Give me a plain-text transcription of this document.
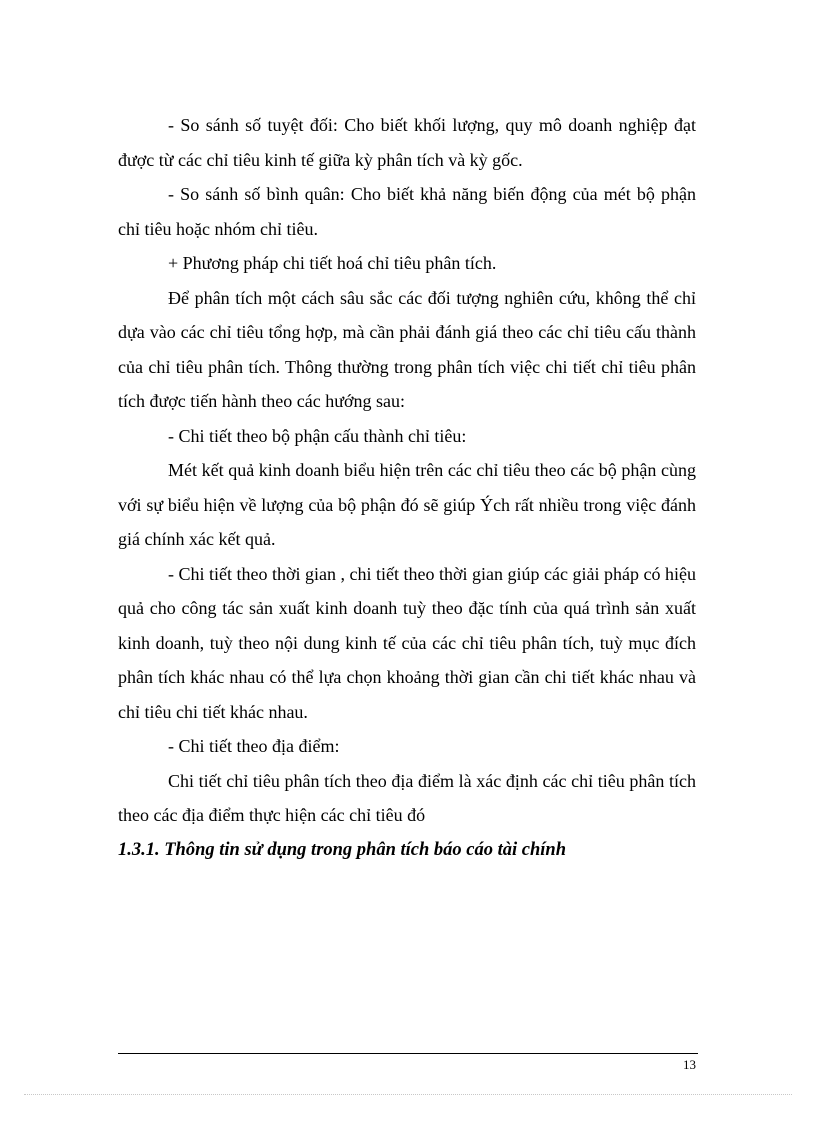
- So sánh số tuyệt đối: Cho biết khối lượng, quy mô doanh nghiệp đạt được từ các chỉ tiêu kinh tế giữa kỳ phân tích và kỳ gốc.

- So sánh số bình quân: Cho biết khả năng biến động của mét bộ phận chỉ tiêu hoặc nhóm chỉ tiêu.

+ Phương pháp chi tiết hoá chỉ tiêu phân tích.

Để phân tích một cách sâu sắc các đối tượng nghiên cứu, không thể chỉ dựa vào các chỉ tiêu tổng hợp, mà cần phải đánh giá theo các chỉ tiêu cấu thành của chỉ tiêu phân tích. Thông thường trong phân tích việc chi tiết chỉ tiêu phân tích được tiến hành theo các hướng sau:

- Chi tiết theo bộ phận cấu thành chỉ tiêu:

Mét kết quả kinh doanh biểu hiện trên các chỉ tiêu theo các bộ phận cùng với sự biểu hiện về lượng của bộ phận đó sẽ giúp Ých rất nhiều trong việc đánh giá chính xác kết quả.

- Chi tiết theo thời gian , chi tiết theo thời gian giúp các giải pháp có hiệu quả cho công tác sản xuất kinh doanh tuỳ theo đặc tính của quá trình sản xuất kinh doanh, tuỳ theo nội dung kinh tế của các chỉ tiêu phân tích, tuỳ mục đích phân tích khác nhau có thể lựa chọn khoảng thời gian cần chi tiết khác nhau và chỉ tiêu chi tiết khác nhau.

- Chi tiết theo địa điểm:

Chi tiết chỉ tiêu phân tích theo địa điểm là xác định các chỉ tiêu phân tích theo các địa điểm thực hiện các chỉ tiêu đó

1.3.1. Thông tin sử dụng trong phân tích báo cáo tài chính

13
